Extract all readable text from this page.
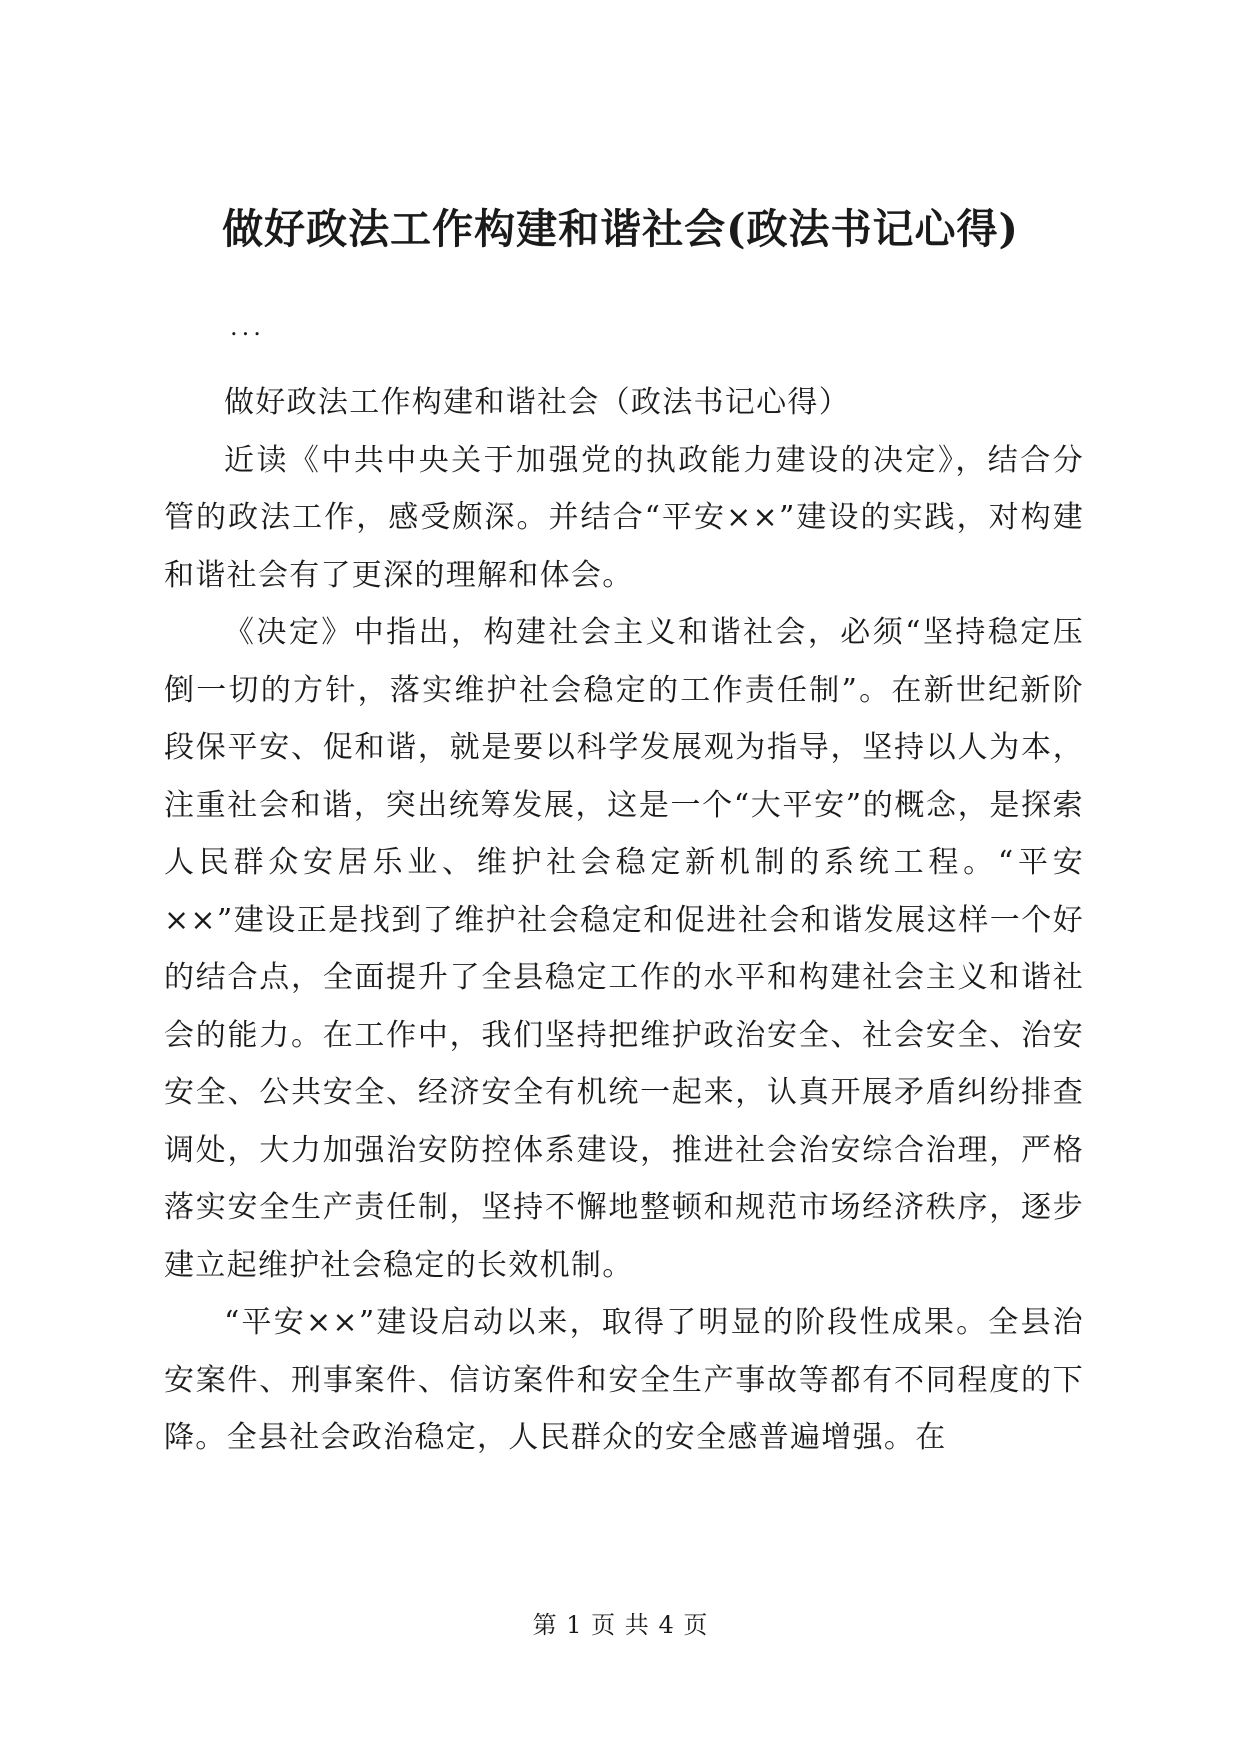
做好政法工作构建和谐社会(政法书记心得)
...

做好政法工作构建和谐社会（政法书记心得）

近读《中共中央关于加强党的执政能力建设的决定》，结合分管的政法工作，感受颇深。并结合“平安××”建设的实践，对构建和谐社会有了更深的理解和体会。

《决定》中指出，构建社会主义和谐社会，必须“坚持稳定压倒一切的方针，落实维护社会稳定的工作责任制”。在新世纪新阶段保平安、促和谐，就是要以科学发展观为指导，坚持以人为本，注重社会和谐，突出统筹发展，这是一个“大平安”的概念，是探索人民群众安居乐业、维护社会稳定新机制的系统工程。“平安××”建设正是找到了维护社会稳定和促进社会和谐发展这样一个好的结合点，全面提升了全县稳定工作的水平和构建社会主义和谐社会的能力。在工作中，我们坚持把维护政治安全、社会安全、治安安全、公共安全、经济安全有机统一起来，认真开展矛盾纠纷排查调处，大力加强治安防控体系建设，推进社会治安综合治理，严格落实安全生产责任制，坚持不懈地整顿和规范市场经济秩序，逐步建立起维护社会稳定的长效机制。

“平安××”建设启动以来，取得了明显的阶段性成果。全县治安案件、刑事案件、信访案件和安全生产事故等都有不同程度的下降。全县社会政治稳定，人民群众的安全感普遍增强。在

第 1 页 共 4 页
